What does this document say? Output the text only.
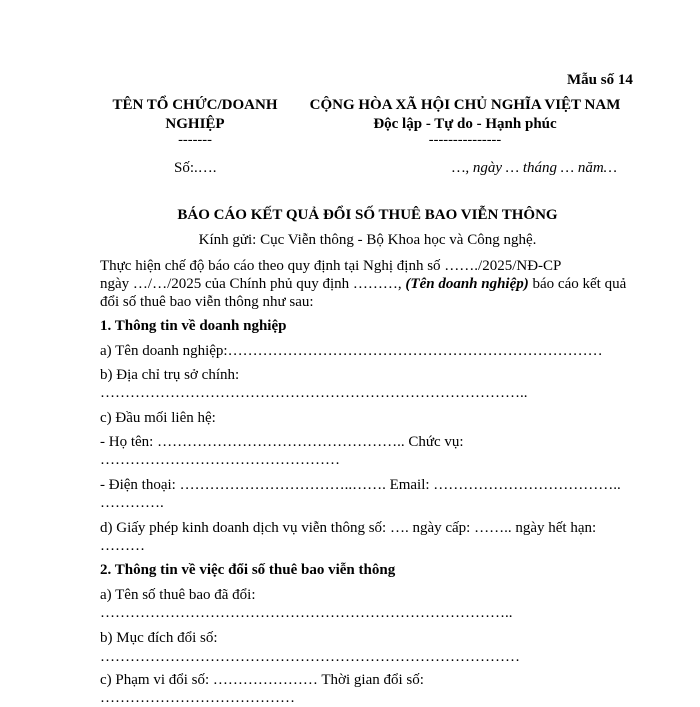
Mẫu số 14
TÊN TỔ CHỨC/DOANH
NGHIỆP
-------
CỘNG HÒA XÃ HỘI CHỦ NGHĨA VIỆT NAM
Độc lập - Tự do - Hạnh phúc
---------------
Số:.….	…, ngày … tháng … năm…
BÁO CÁO KẾT QUẢ ĐỔI SỐ THUÊ BAO VIỄN THÔNG
Kính gửi: Cục Viễn thông - Bộ Khoa học và Công nghệ.
Thực hiện chế độ báo cáo theo quy định tại Nghị định số ……./2025/NĐ-CP
ngày …/…/2025 của Chính phủ quy định ………, (Tên doanh nghiệp) báo cáo kết quả
đổi số thuê bao viễn thông như sau:
1. Thông tin về doanh nghiệp
a) Tên doanh nghiệp:…………………………………………………………………
b) Địa chỉ trụ sở chính:
…………………………………………………………………………..
c) Đầu mối liên hệ:
- Họ tên: ………………………………………….. Chức vụ:
…………………………………………
- Điện thoại: ……………………………..……. Email: ………………………………..
………….
d) Giấy phép kinh doanh dịch vụ viễn thông số: …. ngày cấp: …….. ngày hết hạn:
………
2. Thông tin về việc đổi số thuê bao viễn thông
a) Tên số thuê bao đã đổi:
………………………………………………………………………..
b) Mục đích đổi số:
…………………………………………………………………………
c) Phạm vi đổi số: ………………… Thời gian đổi số:
…………………………………
